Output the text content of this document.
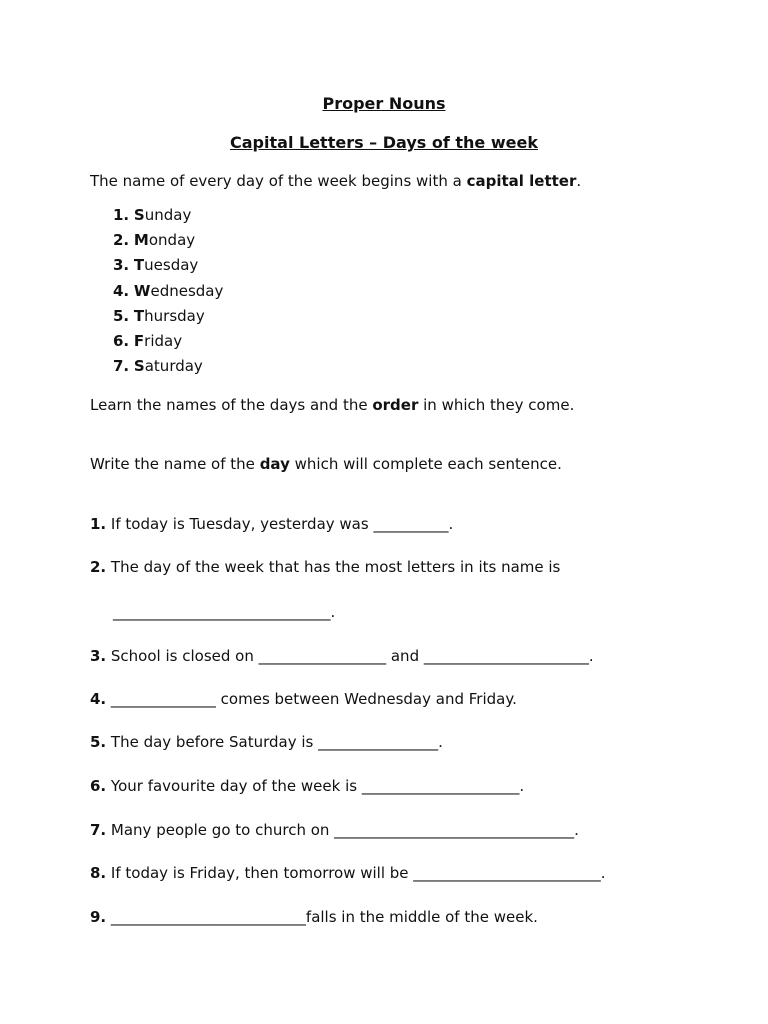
Proper Nouns
Capital Letters – Days of the week
The name of every day of the week begins with a capital letter.
1. Sunday
2. Monday
3. Tuesday
4. Wednesday
5. Thursday
6. Friday
7. Saturday
Learn the names of the days and the order in which they come.
Write the name of the day which will complete each sentence.
1. If today is Tuesday, yesterday was __________.
2. The day of the week that has the most letters in its name is
_____________________________.
3. School is closed on _________________ and ______________________.
4. ______________ comes between Wednesday and Friday.
5. The day before Saturday is ________________.
6. Your favourite day of the week is _____________________.
7. Many people go to church on ________________________________.
8. If today is Friday, then tomorrow will be _________________________.
9. __________________________falls in the middle of the week.
